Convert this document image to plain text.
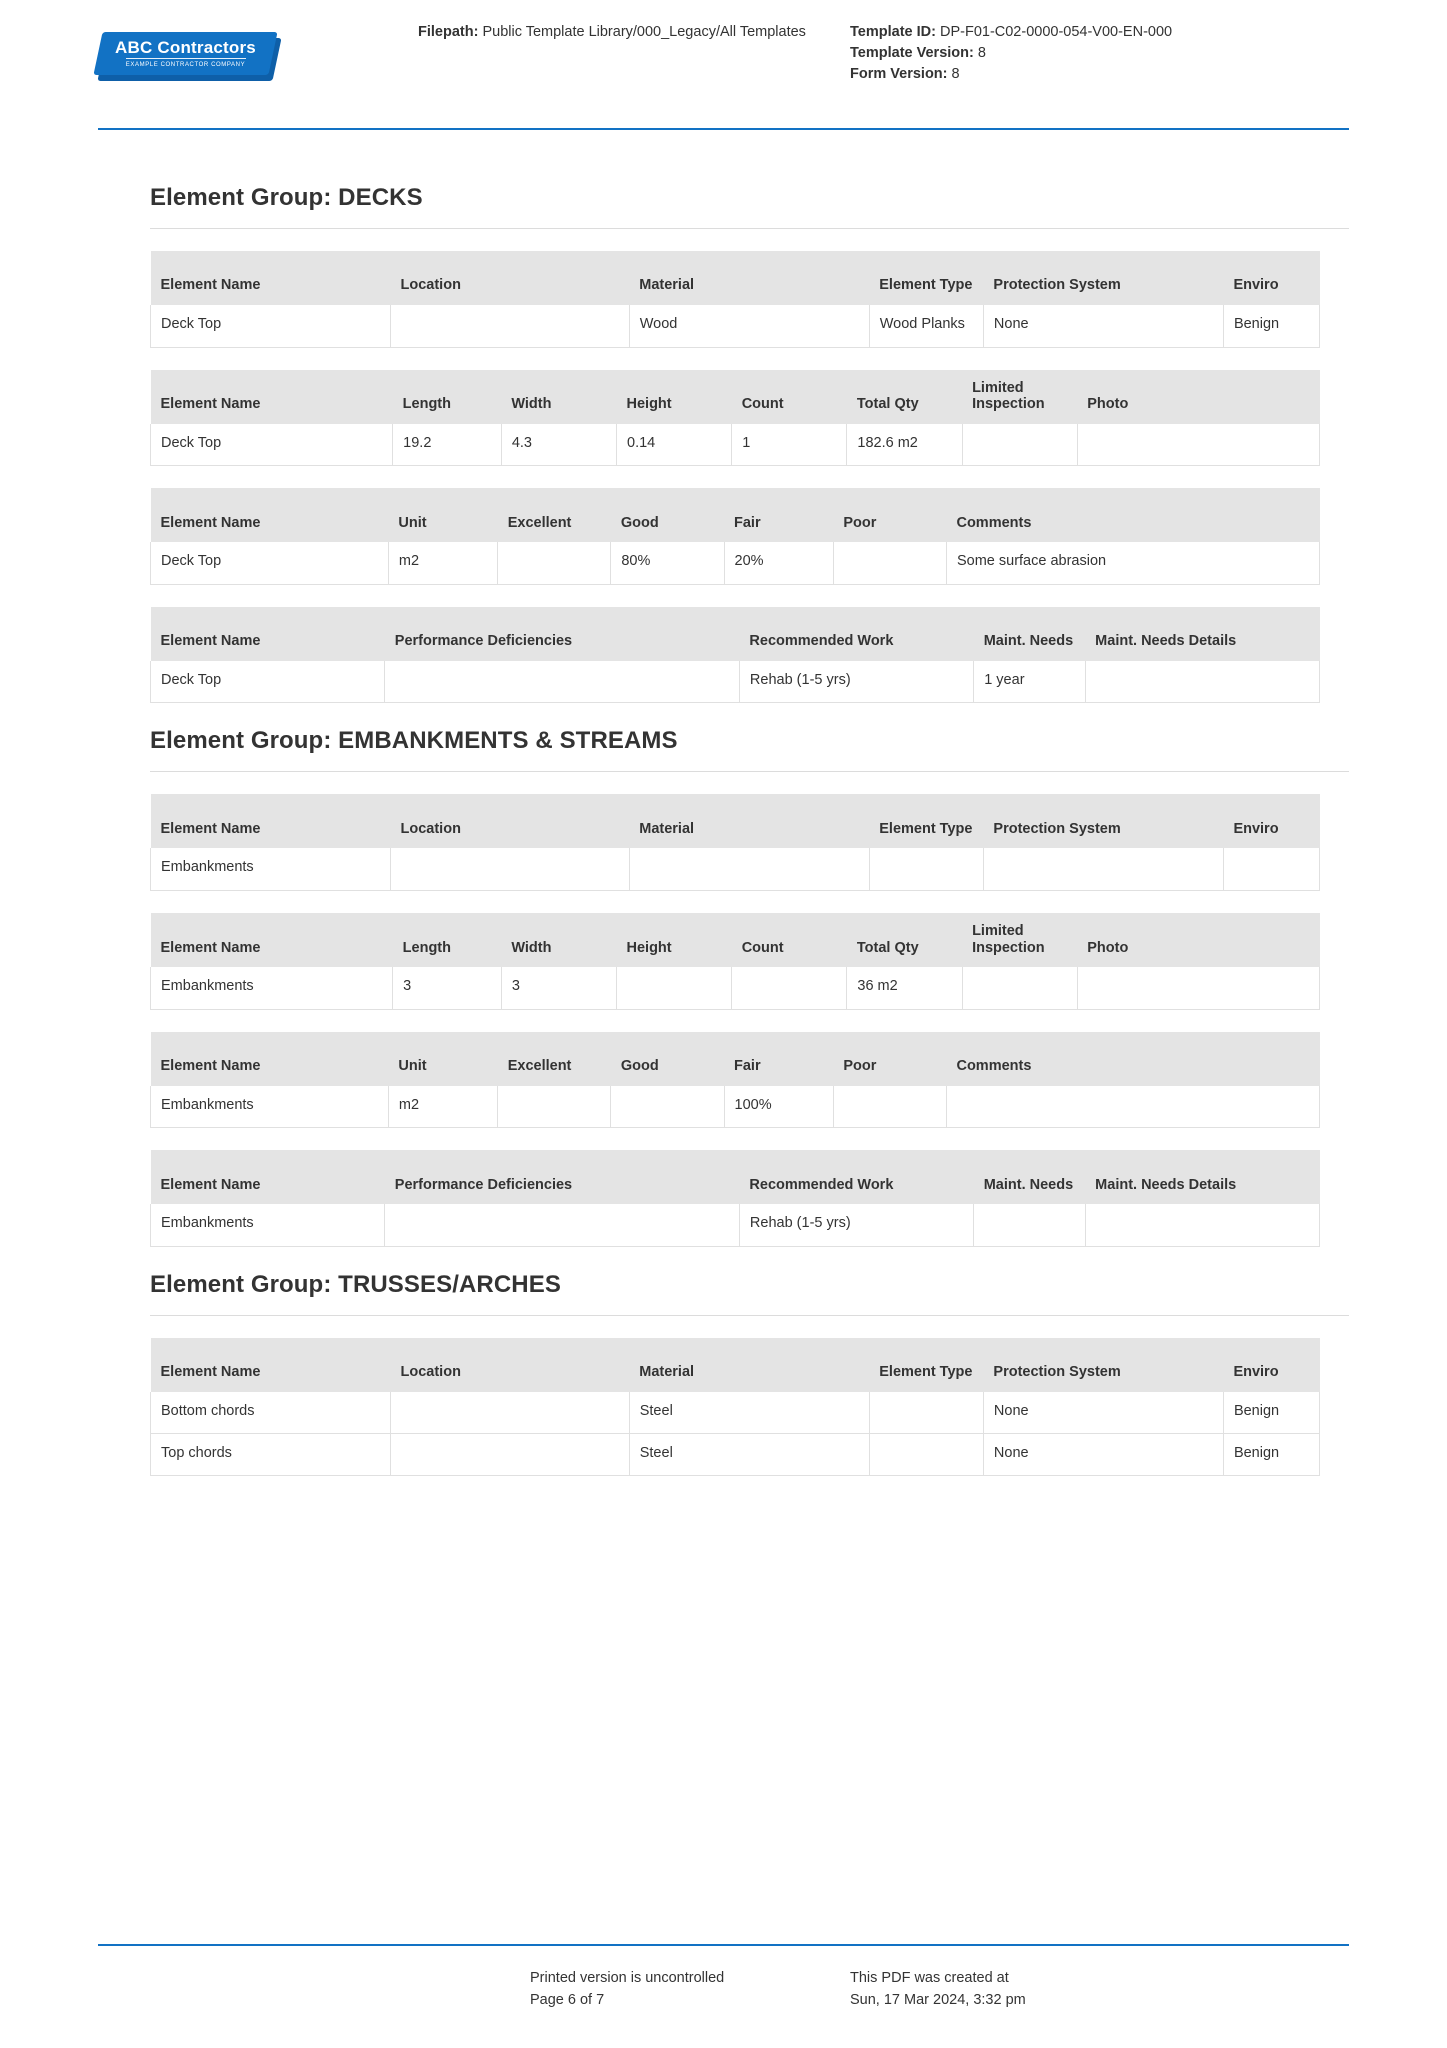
ABC Contractors
EXAMPLE CONTRACTOR COMPANY
Filepath: Public Template Library/000_Legacy/All Templates	Template ID: DP-F01-C02-0000-054-V00-EN-000
Template Version: 8
Form Version: 8
Element Group: DECKS
Element Name	Location	Material	Element Type	Protection System	Enviro
Deck Top		Wood	Wood Planks	None	Benign
Element Name	Length	Width	Height	Count	Total Qty	Limited Inspection	Photo
Deck Top	19.2	4.3	0.14	1	182.6 m2		
Element Name	Unit	Excellent	Good	Fair	Poor	Comments
Deck Top	m2		80%	20%		Some surface abrasion
Element Name	Performance Deficiencies	Recommended Work	Maint. Needs	Maint. Needs Details
Deck Top		Rehab (1-5 yrs)	1 year	
Element Group: EMBANKMENTS & STREAMS
Element Name	Location	Material	Element Type	Protection System	Enviro
Embankments					
Element Name	Length	Width	Height	Count	Total Qty	Limited Inspection	Photo
Embankments	3	3			36 m2		
Element Name	Unit	Excellent	Good	Fair	Poor	Comments
Embankments	m2			100%		
Element Name	Performance Deficiencies	Recommended Work	Maint. Needs	Maint. Needs Details
Embankments		Rehab (1-5 yrs)		
Element Group: TRUSSES/ARCHES
Element Name	Location	Material	Element Type	Protection System	Enviro
Bottom chords		Steel		None	Benign
Top chords		Steel		None	Benign
Printed version is uncontrolled
Page 6 of 7
This PDF was created at
Sun, 17 Mar 2024, 3:32 pm
